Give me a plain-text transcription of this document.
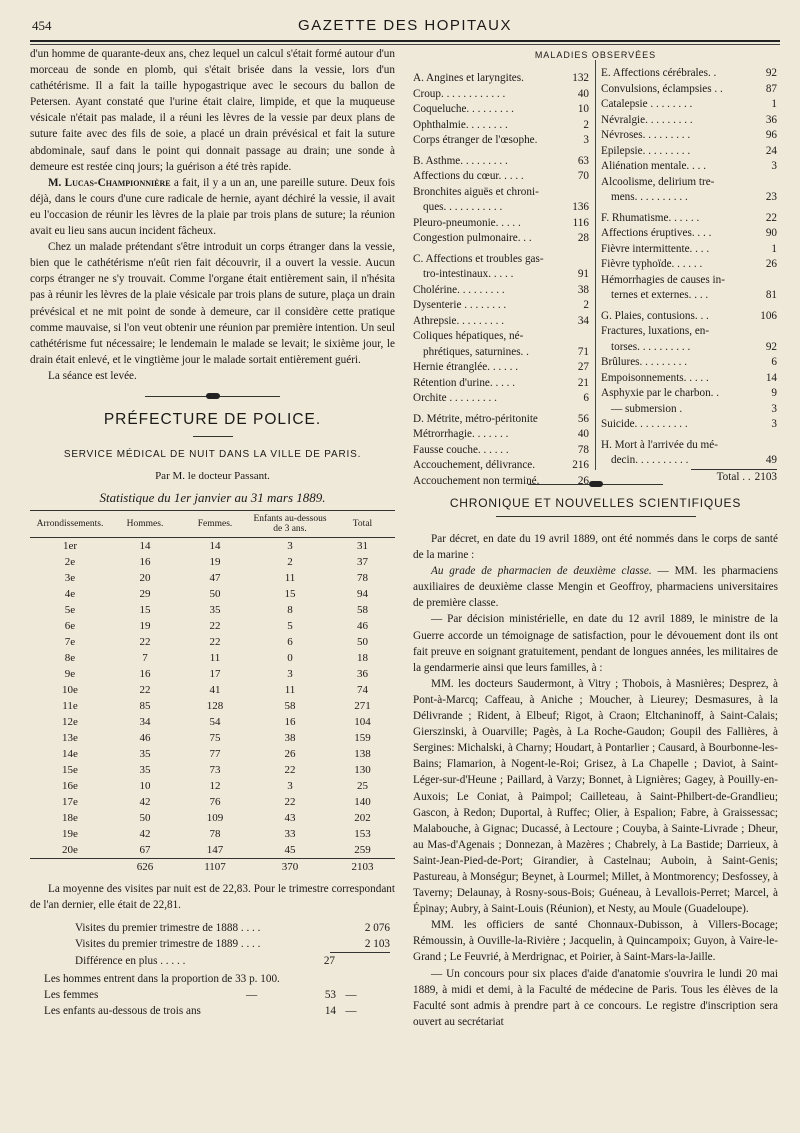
454	GAZETTE DES HOPITAUX

d'un homme de quarante-deux ans, chez lequel un calcul s'était formé autour d'un morceau de sonde en plomb, qui s'était brisée dans la vessie, lors d'un cathétérisme. Il a fait la taille hypogastrique avec le secours du ballon de Petersen. Ayant constaté que l'urine était claire, limpide, et que la muqueuse vésicale n'était pas malade, il a réuni les lèvres de la vessie par deux plans de suture faite avec des fils de soie, a placé un drain prévésical et fait la suture abdominale, sauf dans le point qui donnait passage au drain; une sonde à demeure est restée cinq jours; la guérison a été très rapide.

M. Lucas-Championnière a fait, il y a un an, une pareille suture. Deux fois déjà, dans le cours d'une cure radicale de hernie, ayant déchiré la vessie, il avait eu l'occasion de réunir les lèvres de la plaie par trois plans de suture; la réunion avait eu lieu sans aucun incident fâcheux.

Chez un malade prétendant s'être introduit un corps étranger dans la vessie, bien que le cathétérisme n'eût rien fait découvrir, il a ouvert la vessie. Aucun corps étranger ne s'y trouvait. Comme l'organe était entièrement sain, il n'hésita pas à réunir les lèvres de la plaie vésicale par trois plans de suture, plaça un drain prévésical et ne mit point de sonde à demeure, car il considère cette pratique comme mauvaise, si l'on veut obtenir une réunion par première intention. Un seul cathétérisme fut nécessaire; le lendemain le malade se levait; le sixième jour, le drain était enlevé, et le vingtième jour le malade sortait entièrement guéri.

La séance est levée.

PRÉFECTURE DE POLICE.
SERVICE MÉDICAL DE NUIT DANS LA VILLE DE PARIS.
Par M. le docteur Passant.
Statistique du 1er janvier au 31 mars 1889.
Arrondissements.	Hommes.	Femmes.	Enfants au-dessous de 3 ans.	Total
1er	14	14	3	31
2e	16	19	2	37
3e	20	47	11	78
4e	29	50	15	94
5e	15	35	8	58
6e	19	22	5	46
7e	22	22	6	50
8e	7	11	0	18
9e	16	17	3	36
10e	22	41	11	74
11e	85	128	58	271
12e	34	54	16	104
13e	46	75	38	159
14e	35	77	26	138
15e	35	73	22	130
16e	10	12	3	25
17e	42	76	22	140
18e	50	109	43	202
19e	42	78	33	153
20e	67	147	45	259
	626	1107	370	2103

La moyenne des visites par nuit est de 22,83. Pour le trimestre correspondant de l'an dernier, elle était de 22,81.

Visites du premier trimestre de 1888 . . . .	2 076
Visites du premier trimestre de 1889 . . . .	2 103
Différence en plus . . . . .	27
Les hommes entrent dans la proportion de
33 p. 100.
Les femmes	—	53 —
Les enfants au-dessous de trois ans	14 —
MALADIES OBSERVÉES
A. Angines et laryngites.	132
Croup. . . . . . . . . . . .	40
Coqueluche. . . . . . . . .	10
Ophthalmie. . . . . . . .	2
Corps étranger de l'œsophe.	3
B. Asthme. . . . . . . . .	63
Affections du cœur. . . . .	70
Bronchites aiguës et chroni-
ques. . . . . . . . . . .	136
Pleuro-pneumonie. . . . .	116
Congestion pulmonaire. . .	28
C. Affections et troubles gas-
tro-intestinaux. . . . .	91
Cholérine. . . . . . . . .	38
Dysenterie . . . . . . . .	2
Athrepsie. . . . . . . . .	34
Coliques hépatiques, né-
phrétiques, saturnines. .	71
Hernie étranglée. . . . . .	27
Rétention d'urine. . . . .	21
Orchite . . . . . . . . .	6
D. Métrite, métro-péritonite	56
Métrorrhagie. . . . . . .	40
Fausse couche. . . . . .	78
Accouchement, délivrance.	216
Accouchement non terminé.	26
E. Affections cérébrales. .	92
Convulsions, éclampsies . .	87
Catalepsie . . . . . . . .	1
Névralgie. . . . . . . . .	36
Névroses. . . . . . . . .	96
Epilepsie. . . . . . . . .	24
Aliénation mentale. . . .	3
Alcoolisme, delirium tre-
mens. . . . . . . . . .	23
F. Rhumatisme. . . . . .	22
Affections éruptives. . . .	90
Fièvre intermittente. . . .	1
Fièvre typhoïde. . . . . .	26
Hémorrhagies de causes in-
ternes et externes. . . .	81
G. Plaies, contusions. . .	106
Fractures, luxations, en-
torses. . . . . . . . . .	92
Brûlures. . . . . . . . .	6
Empoisonnements. . . . .	14
Asphyxie par le charbon. .	9
— submersion .	3
Suicide. . . . . . . . . .	3
H. Mort à l'arrivée du mé-
decin. . . . . . . . . .	49
Total . . 2103
CHRONIQUE ET NOUVELLES SCIENTIFIQUES

Par décret, en date du 19 avril 1889, ont été nommés dans le corps de santé de la marine :

Au grade de pharmacien de deuxième classe. — MM. les pharmaciens auxiliaires de deuxième classe Mengin et Geoffroy, pharmaciens universitaires de première classe.

— Par décision ministérielle, en date du 12 avril 1889, le ministre de la Guerre accorde un témoignage de satisfaction, pour le dévouement dont ils ont fait preuve en soignant gratuitement, pendant de longues années, les militaires de la gendarmerie ainsi que leurs familles, à :

MM. les docteurs Saudermont, à Vitry ; Thobois, à Masnières; Desprez, à Pont-à-Marcq; Caffeau, à Aniche ; Moucher, à Lieurey; Desmasures, à la Délivrande ; Rident, à Elbeuf; Rigot, à Craon; Eltchaninoff, à Saint-Calais; Gierszinski, à Ouarville; Pagès, à La Roche-Gaudon; Goupil des Fallières, à Sergines: Michalski, à Charny; Houdart, à Pontarlier ; Causard, à Bourbonne-les-Bains; Flamarion, à Nogent-le-Roi; Grisez, à La Chapelle ; Daviot, à Saint-Léger-sur-d'Heune ; Paillard, à Varzy; Bonnet, à Lignières; Gagey, à Pouilly-en-Auxois; Le Coniat, à Paimpol; Cailleteau, à Saint-Philbert-de-Grandlieu; Gascon, à Redon; Duportal, à Ruffec; Olier, à Espalion; Fabre, à Graissessac; Malabouche, à Gignac; Ducassé, à Lectoure ; Couyba, à Sainte-Livrade ; Dheur, au Mas-d'Agenais ; Donnezan, à Mazères ; Chabrely, à La Bastide; Darrieux, à Saint-Jean-Pied-de-Port; Girandier, à Castelnau; Auboin, à Saint-Genis; Pastureau, à Monségur; Beynet, à Lourmel; Millet, à Montmorency; Desfossey, à Taverny; Delaunay, à Rosny-sous-Bois; Guéneau, à Levallois-Perret; Marcel, à Épinay; Aubry, à Saint-Louis (Réunion), et Nesty, au Moule (Guadeloupe).

MM. les officiers de santé Chonnaux-Dubisson, à Villers-Bocage; Rémoussin, à Ouville-la-Rivière ; Jacquelin, à Quincampoix; Guyon, à Vaire-le-Grand ; Le Feuvrié, à Merdrignac, et Poirier, à Saint-Mars-la-Jaille.

— Un concours pour six places d'aide d'anatomie s'ouvrira le lundi 20 mai 1889, à midi et demi, à la Faculté de médecine de Paris. Tous les élèves de la Faculté sont admis à prendre part à ce concours. Le registre d'inscription sera ouvert au secrétariat
